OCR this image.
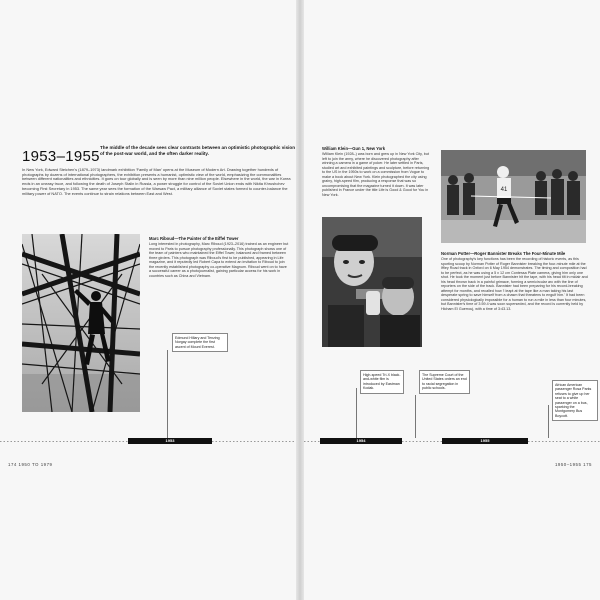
1953–1955
The middle of the decade sees clear contrasts between an optimistic photographic vision of the post-war world, and the often darker reality.
In New York, Edward Steichen's (1879–1973) landmark exhibition 'Family of Man' opens at the Museum of Modern Art. Drawing together hundreds of photographs by dozens of international photographers, the exhibition presents a humanist, optimistic view of the world, emphasizing the commonalities between different nationalities and ethnicities. It goes on tour globally and is seen by more than nine million people. Elsewhere in the world, the war in Korea ends in an uneasy truce, and following the death of Joseph Stalin in Russia, a power struggle for control of the Soviet Union ends with Nikita Khrushchev becoming First Secretary in 1953. The same year sees the formation of the Warsaw Pact, a military alliance of Soviet states formed to counter-balance the military power of NATO. The events continue to strain relations between East and West.
Marc Riboud—The Painter of the Eiffel Tower
Long interested in photography, Marc Riboud (1923–2016) trained as an engineer but moved to Paris to pursue photography professionally. This photograph shows one of the team of painters who maintained the Eiffel Tower, balanced and framed between three girders. This photograph was Riboud's first to be published, appearing in Life magazine, and it reputedly led Robert Capa to extend an invitation to Riboud to join the recently established photography co-operative Magnum. Riboud went on to have a successful career as a photojournalist, gaining particular access for his work in countries such as China and Vietnam.
Edmund Hillary and Tenzing Norgay complete the first ascent of Mount Everest.
William Klein—Gun 1, New York
William Klein (1928–) was born and grew up in New York City, but left to join the army, where he discovered photography after winning a camera in a game of poker. He later settled in Paris, studied art and exhibited paintings and sculpture, before returning to the US in the 1950s to work on a commission from Vogue to make a book about New York. Klein photographed the city using grainy, high-speed film, producing a response that was so uncompromising that the magazine turned it down. It was later published in France under the title Life is Good & Good for You in New York.
41
Norman Potter—Roger Bannister Breaks The Four-Minute Mile
One of photography's key functions has been the recording of historic events, as this sporting scoop by Norman Potter of Roger Bannister breaking the four-minute mile at the Iffley Road track in Oxford on 6 May 1954 demonstrates. The timing and composition had to be perfect, as he was using a 5 x 12 cm Contessa Plate camera, giving him only one shot. He took the moment just before Bannister hit the tape, with his head tilt in midair and his head thrown back in a painful grimace, forming a semicircular arc with the line of reporters on the side of the track. Bannister had been preparing for his record-breaking attempt for months, and recalled how 'I leapt at the tape like a man taking his last desperate spring to save himself from a chasm that threatens to engulf him.' It had been considered physiologically impossible for a human to run a mile in less than four minutes, but Bannister's time of 3:59.4 was soon superseded, and the record is currently held by Hicham El Guerrouj, with a time of 3:43.13.
High-speed Tri-X black-and-white film is introduced by Eastman Kodak.
The Supreme Court of the United States orders an end to racial segregation in public schools.
African American passenger Rosa Parks refuses to give up her seat to a white passenger on a bus, sparking the Montgomery Bus Boycott.
1953	1954	1955
174 1950 TO 1979	1950–1955 175
